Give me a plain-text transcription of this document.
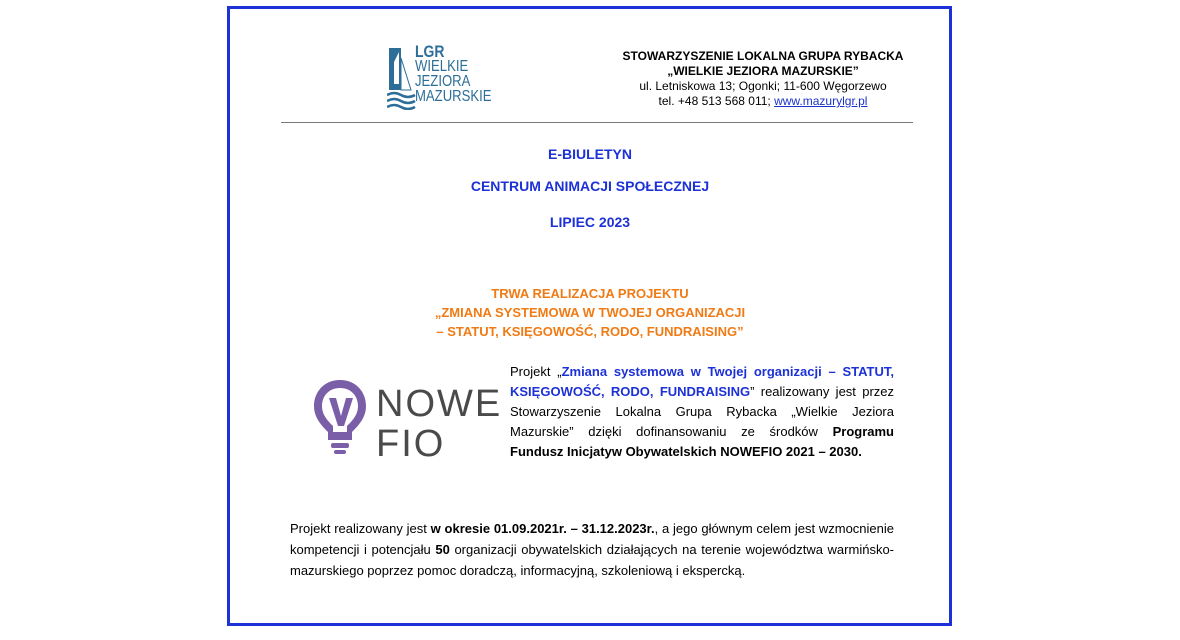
LGR
WIELKIE
JEZIORA
MAZURSKIE
STOWARZYSZENIE LOKALNA GRUPA RYBACKA
„WIELKIE JEZIORA MAZURSKIE”
ul. Letniskowa 13; Ogonki; 11-600 Węgorzewo
tel. +48 513 568 011; www.mazurylgr.pl
E-BIULETYN
CENTRUM ANIMACJI SPOŁECZNEJ
LIPIEC 2023
TRWA REALIZACJA PROJEKTU
„ZMIANA SYSTEMOWA W TWOJEJ ORGANIZACJI
– STATUT, KSIĘGOWOŚĆ, RODO, FUNDRAISING”
NOWE
FIO
Projekt „Zmiana systemowa w Twojej organizacji – STATUT, KSIĘGOWOŚĆ, RODO, FUNDRAISING” realizowany jest przez Stowarzyszenie Lokalna Grupa Rybacka „Wielkie Jeziora Mazurskie” dzięki dofinansowaniu ze środków Programu Fundusz Inicjatyw Obywatelskich NOWEFIO 2021 – 2030.
Projekt realizowany jest w okresie 01.09.2021r. – 31.12.2023r., a jego głównym celem jest wzmocnienie kompetencji i potencjału 50 organizacji obywatelskich działających na terenie województwa warmińsko-mazurskiego poprzez pomoc doradczą, informacyjną, szkoleniową i ekspercką.
